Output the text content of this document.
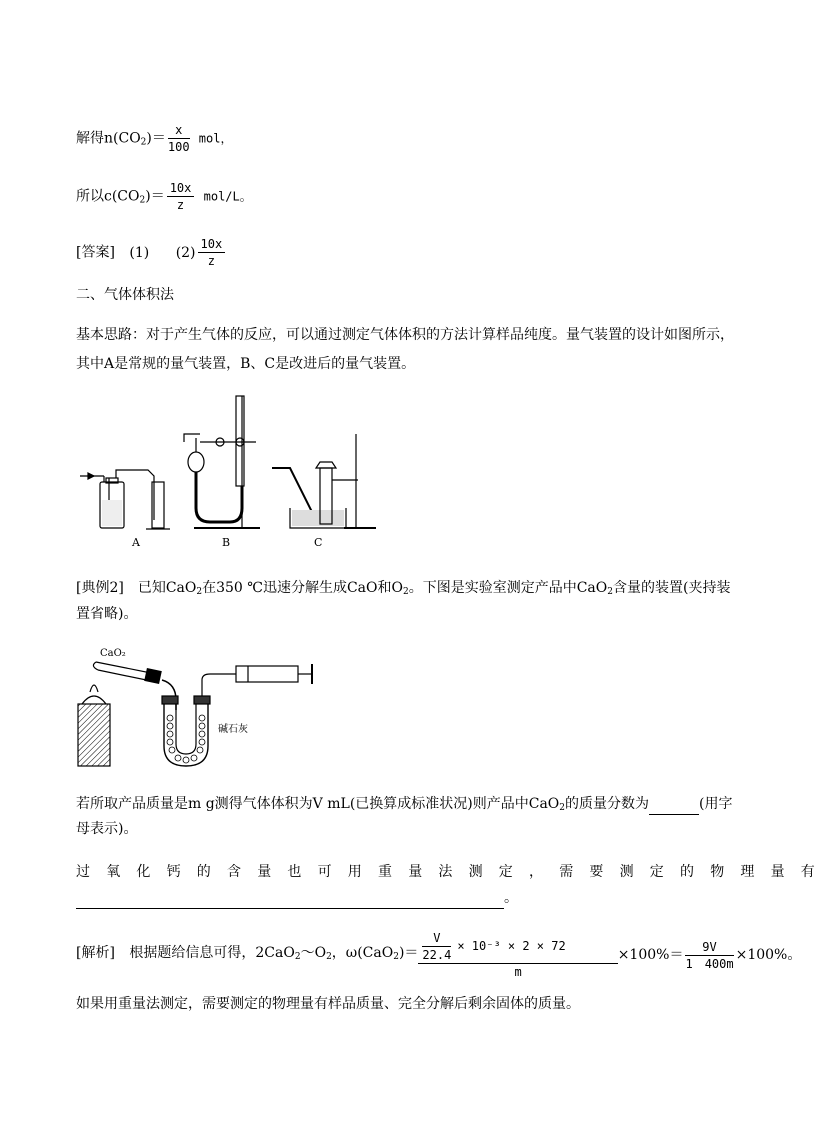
解得$n(CO_2)= \frac{x}{100}$ mol，
所以$c(CO_2)= \frac{10x}{z} mol/L$。
[答案] (1) $(2) \frac{10x}{z}$
二、气体体积法
基本思路：对于产生气体的反应，可以通过测定气体体积的方法计算样品纯度。量气装置的设计如图所示，
其中A是常规的量气装置，B、C是改进后的量气装置。
A	B	C
[典例2]　已知CaO$_2$在350 ℃迅速分解生成CaO和$O_2$。下图是实验室测定产品中CaO$_2$含量的装置(夹持装
置省略)。
CaO₂
碱石灰
若所取产品质量是m g测得气体体积为V mL(已换算成标准状况)则产品中CaO$_2$的质量分数为	(用字
母表示)。
过氧化钙的含量也可用重量法测定，需要测定的物理量有
。
[解析] 根据题给信息可得，$2CaO_2\sim O_2$，$\omega(CaO_2)= \frac{\frac{V}{22.4} \times 10^{-3} \times 2 \times 72}{m} \times 100\%= \frac{9V}{1 400m} \times 100\%$。
如果用重量法测定，需要测定的物理量有样品质量、完全分解后剩余固体的质量。
